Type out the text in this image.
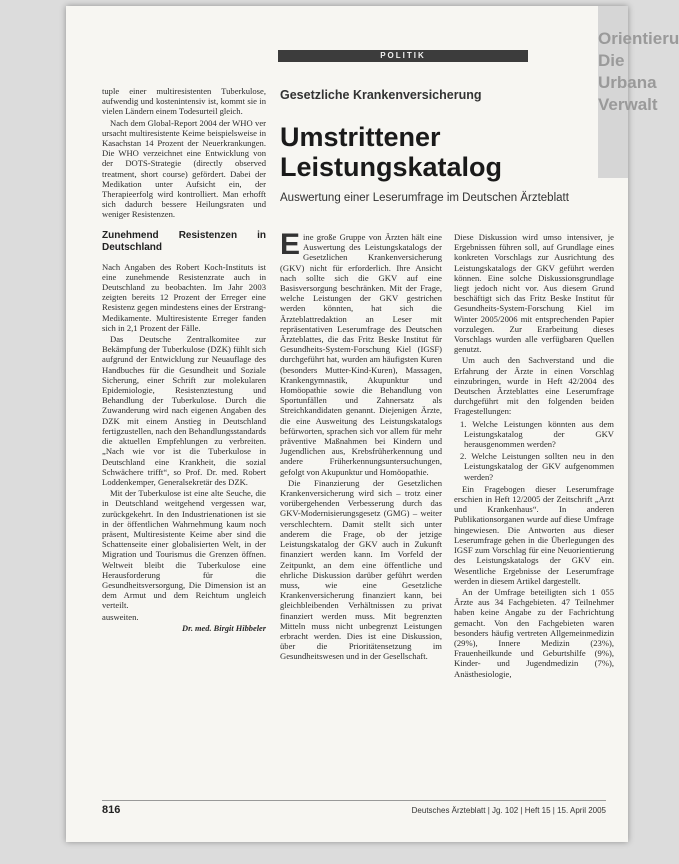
Orientieru
Die Urbana
Verwalt
POLITIK
Gesetzliche Krankenversicherung
Umstrittener Leistungskatalog
Auswertung einer Leserumfrage im Deutschen Ärzteblatt

tuple einer multiresistenten Tuberkulose, aufwendig und kostenintensiv ist, kommt sie in vielen Ländern einem Todesurteil gleich.

Nach dem Global-Report 2004 der WHO ver ursacht multiresistente Keime beispielsweise in Kasachstan 14 Prozent der Neuerkrankungen. Die WHO verzeichnet eine Entwicklung von der DOTS-Strategie (directly observed treatment, short course) gefördert. Dabei der Medikation unter Aufsicht ein, der Therapieerfolg wird kontrolliert. Man erhofft sich dadurch bessere Heilungsraten und weniger Resistenzen.

Zunehmend Resistenzen in Deutschland

Nach Angaben des Robert Koch-Instituts ist eine zunehmende Resistenzrate auch in Deutschland zu beobachten. Im Jahr 2003 zeigten bereits 12 Prozent der Erreger eine Resistenz gegen mindestens eines der Erstrang-Medikamente. Multiresistente Erreger fanden sich in 2,1 Prozent der Fälle.

Das Deutsche Zentralkomitee zur Bekämpfung der Tuberkulose (DZK) fühlt sich aufgrund der Entwicklung zur Neuauflage des Handbuches für die Gesundheit und Soziale Sicherung, einer Schrift zur molekularen Epidemiologie, Resistenztestung und Behandlung der Tuberkulose. Durch die Zuwanderung wird nach eigenen Angaben des DZK mit einem Anstieg in Deutschland fertigzustellen, nach den Behandlungsstandards die aktuellen Empfehlungen zu verbreiten. „Nach wie vor ist die Tuberkulose in Deutschland eine Krankheit, die sozial Schwächere trifft“, so Prof. Dr. med. Robert Loddenkemper, Generalsekretär des DZK.

Mit der Tuberkulose ist eine alte Seuche, die in Deutschland weitgehend vergessen war, zurückgekehrt. In den Industrienationen ist sie in der öffentlichen Wahrnehmung kaum noch präsent, Multiresistente Keime aber sind die Schattenseite einer globalisierten Welt, in der Migration und Tourismus die Grenzen öffnen. Weltweit bleibt die Tuberkulose eine Herausforderung für die Gesundheitsversorgung, Die Dimension ist an dem Armut und dem Reichtum ungleich verteilt.

ausweiten.

Dr. med. Birgit Hibbeler

Eine große Gruppe von Ärzten hält eine Auswertung des Leistungskatalogs der Gesetzlichen Krankenversicherung (GKV) nicht für erforderlich. Ihre Ansicht nach sollte sich die GKV auf eine Basisversorgung beschränken. Mit der Frage, welche Leistungen der GKV gestrichen werden könnten, hat sich die Ärzteblattredaktion an Leser mit repräsentativen Leserumfrage des Deutschen Ärzteblattes, die das Fritz Beske Institut für Gesundheits-System-Forschung Kiel (IGSF) durchgeführt hat, wurden am häufigsten Kuren (besonders Mutter-Kind-Kuren), Massagen, Krankengymnastik, Akupunktur und Homöopathie sowie die Behandlung von Sportunfällen und Zahnersatz als Streichkandidaten genannt. Diejenigen Ärzte, die eine Ausweitung des Leistungskatalogs befürworten, sprachen sich vor allem für mehr präventive Maßnahmen bei Kindern und Jugendlichen aus, Krebsfrüherkennung und andere Früherkennungsuntersuchungen, gefolgt von Akupunktur und Homöopathie.

Die Finanzierung der Gesetzlichen Krankenversicherung wird sich – trotz einer vorübergehenden Verbesserung durch das GKV-Modernisierungsgesetz (GMG) – weiter verschlechtern. Damit stellt sich unter anderem die Frage, ob der jetzige Leistungskatalog der GKV auch in Zukunft finanziert werden kann. Im Vorfeld der Zeitpunkt, an dem eine öffentliche und ehrliche Diskussion darüber geführt werden muss, wie eine Gesetzliche Krankenversicherung finanziert kann, bei gleichbleibenden Verhältnissen zu privat finanziert werden muss. Mit begrenzten Mitteln muss nicht unbegrenzt Leistungen erbracht werden. Dies ist eine Diskussion, über die Prioritätensetzung im Gesundheitswesen und in der Gesellschaft.

Diese Diskussion wird umso intensiver, je Ergebnissen führen soll, auf Grundlage eines konkreten Vorschlags zur Ausrichtung des Leistungskatalogs der GKV geführt werden können. Eine solche Diskussionsgrundlage liegt jedoch nicht vor. Aus diesem Grund beschäftigt sich das Fritz Beske Institut für Gesundheits-System-Forschung Kiel im Winter 2005/2006 mit entsprechenden Papier vorzulegen. Zur Erarbeitung dieses Vorschlags wurden alle verfügbaren Quellen genutzt.

Um auch den Sachverstand und die Erfahrung der Ärzte in einen Vorschlag einzubringen, wurde in Heft 42/2004 des Deutschen Ärzteblattes eine Leserumfrage durchgeführt mit den folgenden beiden Fragestellungen:

1. Welche Leistungen könnten aus dem Leistungskatalog der GKV herausgenommen werden?

2. Welche Leistungen sollten neu in den Leistungskatalog der GKV aufgenommen werden?

Ein Fragebogen dieser Leserumfrage erschien in Heft 12/2005 der Zeitschrift „Arzt und Krankenhaus“. In anderen Publikationsorganen wurde auf diese Umfrage hingewiesen. Die Antworten aus dieser Leserumfrage gehen in die Überlegungen des IGSF zum Vorschlag für eine Neuorientierung des Leistungskatalogs der GKV ein. Wesentliche Ergebnisse der Leserumfrage werden in diesem Artikel dargestellt.

An der Umfrage beteiligten sich 1 055 Ärzte aus 34 Fachgebieten. 47 Teilnehmer haben keine Angabe zu der Fachrichtung gemacht. Von den Fachgebieten waren besonders häufig vertreten Allgemeinmedizin (29%), Innere Medizin (23%), Frauenheilkunde und Geburtshilfe (9%), Kinder- und Jugendmedizin (7%), Anästhesiologie,

816	Deutsches Ärzteblatt | Jg. 102 | Heft 15 | 15. April 2005
